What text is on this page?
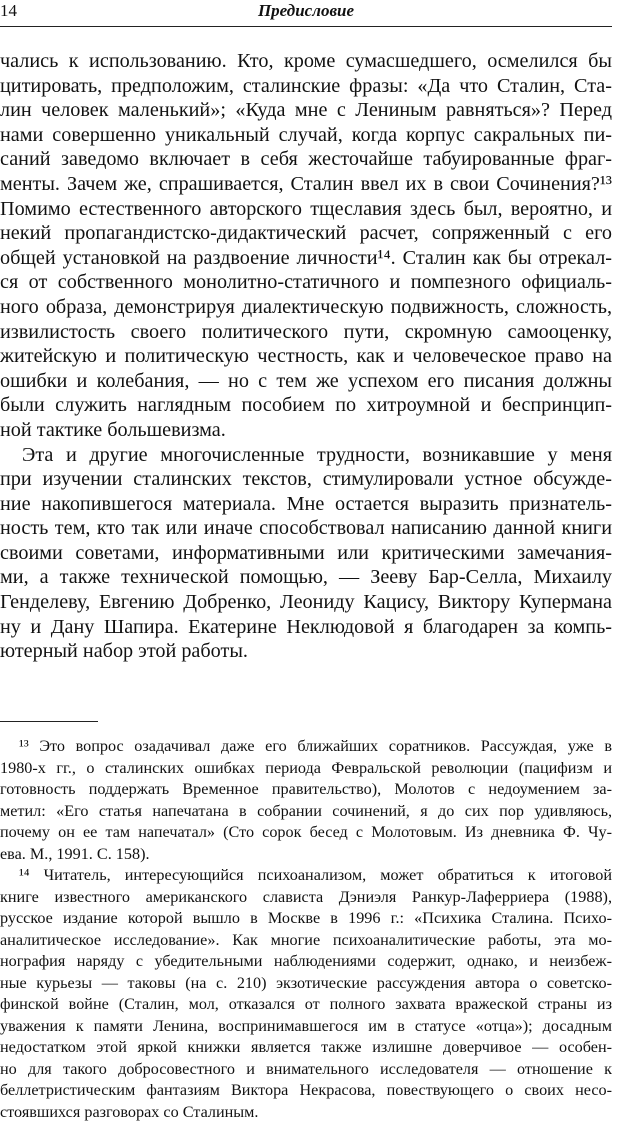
14	Предисловие
чались к использованию. Кто, кроме сумасшедшего, осмелился бы
цитировать, предположим, сталинские фразы: «Да что Сталин, Ста-
лин человек маленький»; «Куда мне с Лениным равняться»? Перед
нами совершенно уникальный случай, когда корпус сакральных пи-
саний заведомо включает в себя жесточайше табуированные фраг-
менты. Зачем же, спрашивается, Сталин ввел их в свои Сочинения?¹³
Помимо естественного авторского тщеславия здесь был, вероятно, и
некий пропагандистско-дидактический расчет, сопряженный с его
общей установкой на раздвоение личности¹⁴. Сталин как бы отрекал-
ся от собственного монолитно-статичного и помпезного официаль-
ного образа, демонстрируя диалектическую подвижность, сложность,
извилистость своего политического пути, скромную самооценку,
житейскую и политическую честность, как и человеческое право на
ошибки и колебания, — но с тем же успехом его писания должны
были служить наглядным пособием по хитроумной и беспринцип-
ной тактике большевизма.
Эта и другие многочисленные трудности, возникавшие у меня
при изучении сталинских текстов, стимулировали устное обсужде-
ние накопившегося материала. Мне остается выразить признатель-
ность тем, кто так или иначе способствовал написанию данной книги
своими советами, информативными или критическими замечания-
ми, а также технической помощью, — Зееву Бар-Селла, Михаилу
Генделеву, Евгению Добренко, Леониду Кацису, Виктору Купермана
ну и Дану Шапира. Екатерине Неклюдовой я благодарен за компь-
ютерный набор этой работы.
¹³ Это вопрос озадачивал даже его ближайших соратников. Рассуждая, уже в
1980-х гг., о сталинских ошибках периода Февральской революции (пацифизм и
готовность поддержать Временное правительство), Молотов с недоумением за-
метил: «Его статья напечатана в собрании сочинений, я до сих пор удивляюсь,
почему он ее там напечатал» (Сто сорок бесед с Молотовым. Из дневника Ф. Чу-
ева. М., 1991. С. 158).
¹⁴ Читатель, интересующийся психоанализом, может обратиться к итоговой
книге известного американского слависта Дэниэля Ранкур-Лаферриера (1988),
русское издание которой вышло в Москве в 1996 г.: «Психика Сталина. Психо-
аналитическое исследование». Как многие психоаналитические работы, эта мо-
нография наряду с убедительными наблюдениями содержит, однако, и неизбеж-
ные курьезы — таковы (на с. 210) экзотические рассуждения автора о советско-
финской войне (Сталин, мол, отказался от полного захвата вражеской страны из
уважения к памяти Ленина, воспринимавшегося им в статусе «отца»); досадным
недостатком этой яркой книжки является также излишне доверчивое — особен-
но для такого добросовестного и внимательного исследователя — отношение к
беллетристическим фантазиям Виктора Некрасова, повествующего о своих несо-
стоявшихся разговорах со Сталиным.
